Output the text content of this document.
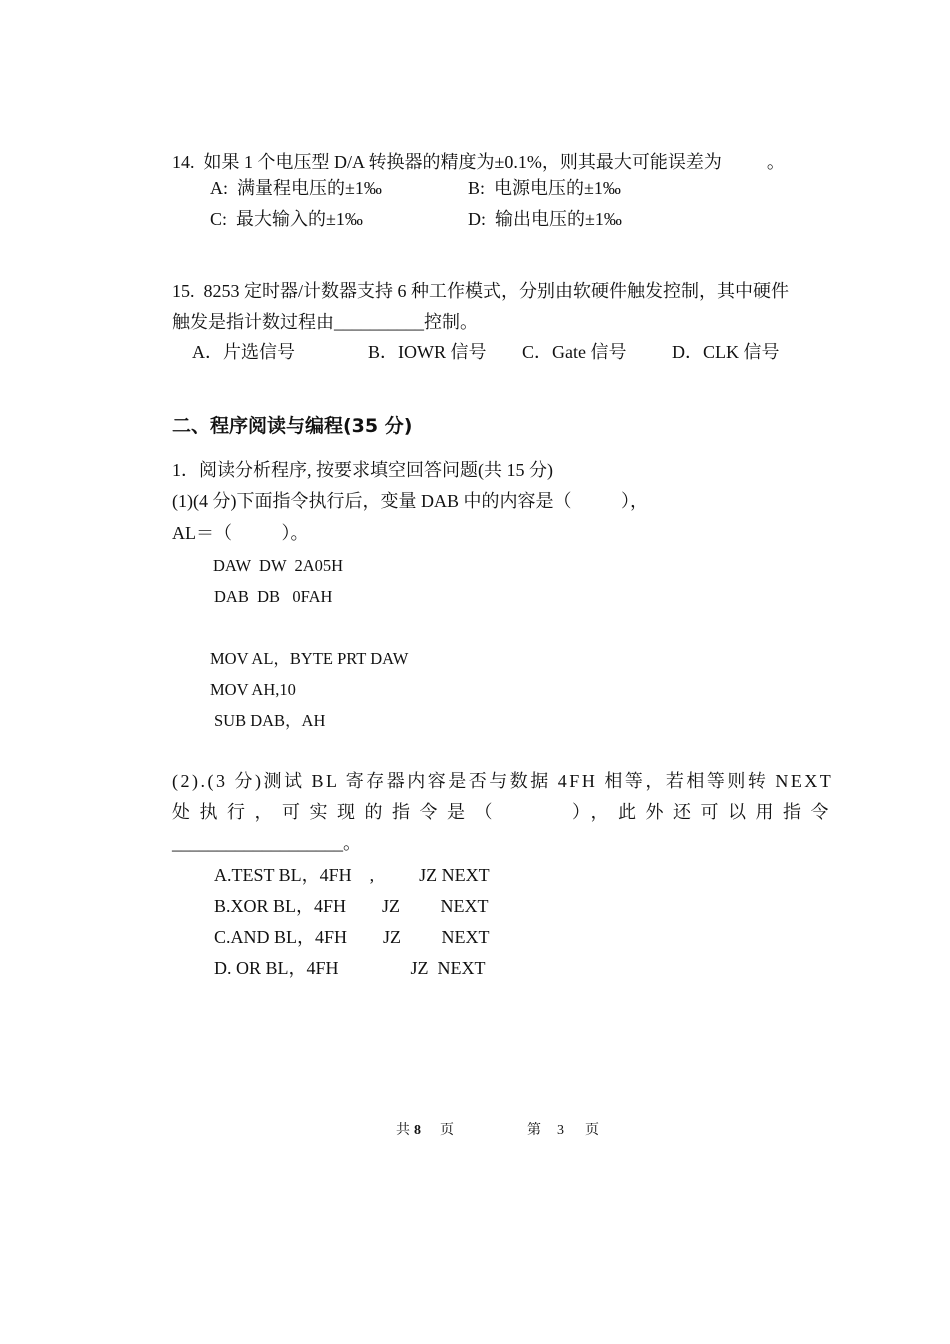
14.  如果 1 个电压型 D/A 转换器的精度为±0.1%，则其最大可能误差为          。
A:  满量程电压的±1‰	B:  电源电压的±1‰
C:  最大输入的±1‰	D:  输出电压的±1‰
15.  8253 定时器/计数器支持 6 种工作模式，分别由软硬件触发控制，其中硬件
触发是指计数过程由__________控制。
A．片选信号	B．IOWR 信号 C．Gate 信号	D．CLK 信号
二、程序阅读与编程(35 分)
1．阅读分析程序, 按要求填空回答问题(共 15 分)
(1)(4 分)下面指令执行后，变量 DAB 中的内容是（           ），
AL＝（           ）。
DAW  DW  2A05H
DAB  DB   0FAH
MOV AL，BYTE PRT DAW
MOV AH,10
SUB DAB，AH
(2).(3 分)测试 BL 寄存器内容是否与数据 4FH 相等，若相等则转 NEXT
处执行，可实现的指令是（     ），此外还可以用指令
___________________。
A.TEST BL，4FH    ,          JZ NEXT
B.XOR BL，4FH        JZ         NEXT
C.AND BL，4FH        JZ         NEXT
D. OR BL，4FH                JZ  NEXT
共 8 页	第 3 页
